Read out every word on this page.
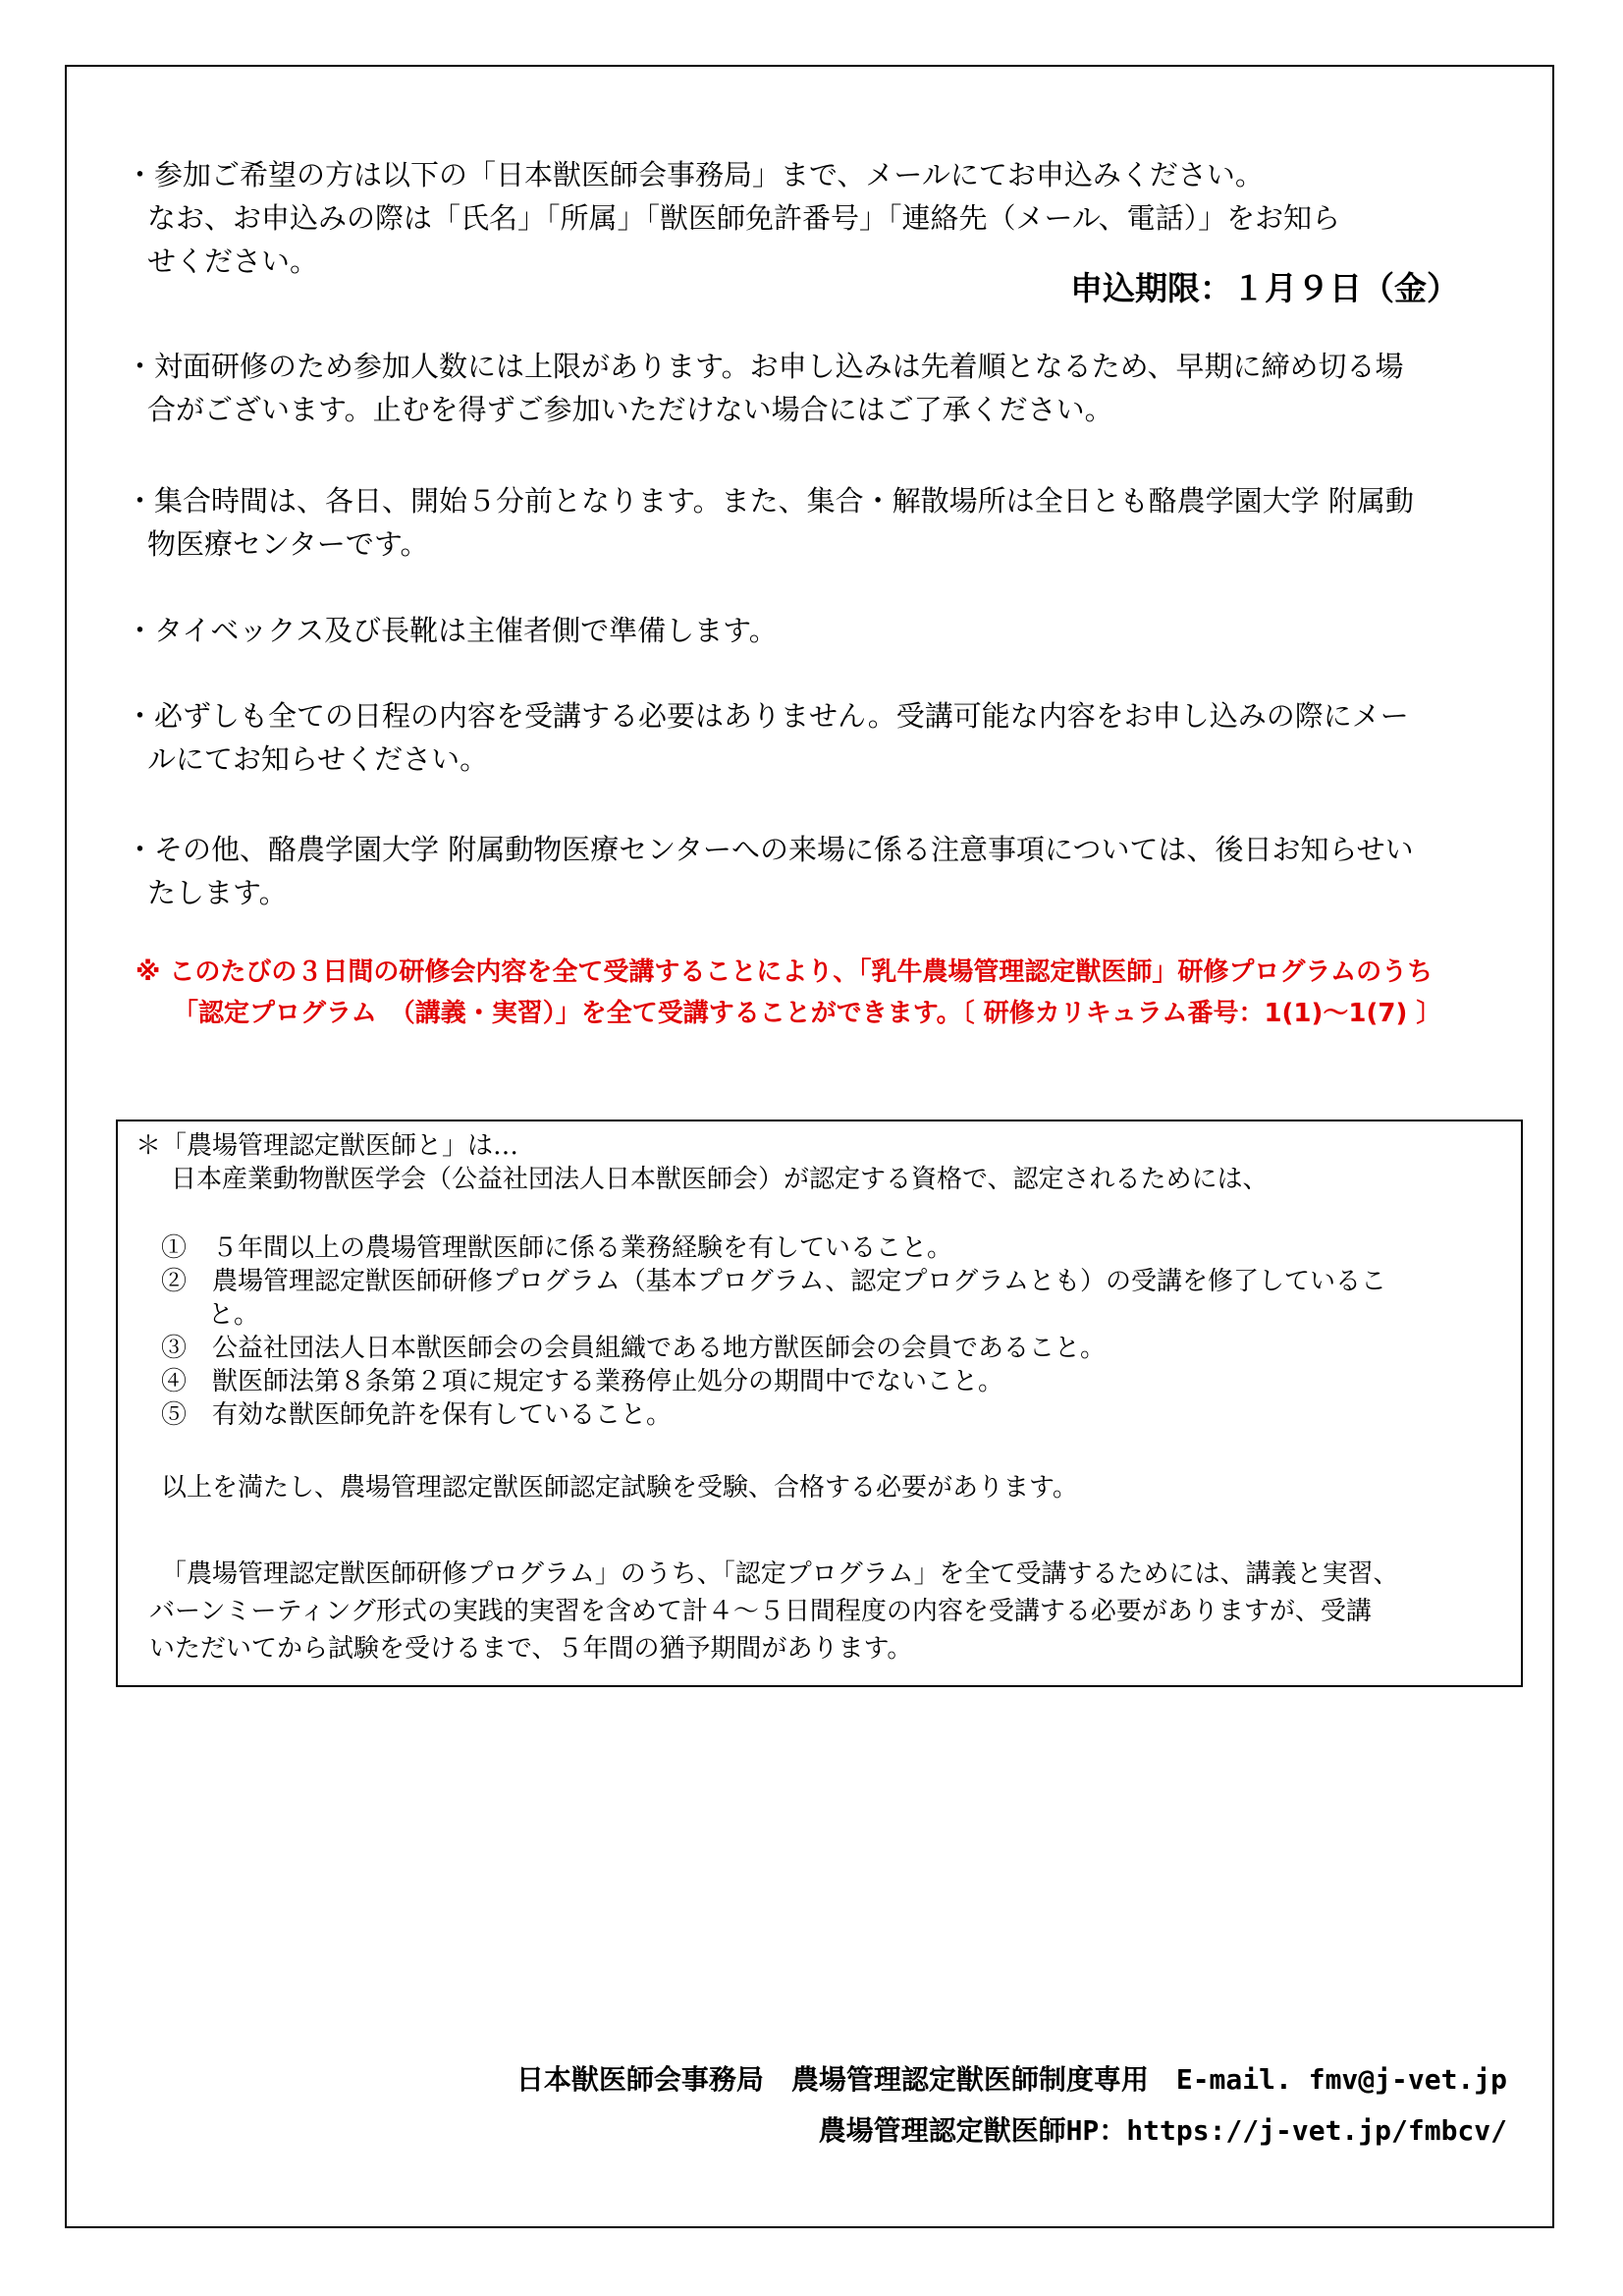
・参加ご希望の方は以下の「日本獣医師会事務局」まで、メールにてお申込みください。
なお、お申込みの際は「氏名」「所属」「獣医師免許番号」「連絡先（メール、電話）」をお知ら
せください。
申込期限：１月９日（金）
・対面研修のため参加人数には上限があります。お申し込みは先着順となるため、早期に締め切る場
合がございます。止むを得ずご参加いただけない場合にはご了承ください。
・集合時間は、各日、開始５分前となります。また、集合・解散場所は全日とも酪農学園大学 附属動
物医療センターです。
・タイベックス及び長靴は主催者側で準備します。
・必ずしも全ての日程の内容を受講する必要はありません。受講可能な内容をお申し込みの際にメー
ルにてお知らせください。
・その他、酪農学園大学 附属動物医療センターへの来場に係る注意事項については、後日お知らせい
たします。
※ このたびの３日間の研修会内容を全て受講することにより、「乳牛農場管理認定獣医師」研修プログラムのうち
「認定プログラム　（講義・実習）」を全て受講することができます。〔 研修カリキュラム番号：1(1)～1(7) 〕
＊「農場管理認定獣医師と」は…
日本産業動物獣医学会（公益社団法人日本獣医師会）が認定する資格で、認定されるためには、
①　５年間以上の農場管理獣医師に係る業務経験を有していること。
②　農場管理認定獣医師研修プログラム（基本プログラム、認定プログラムとも）の受講を修了しているこ
と。
③　公益社団法人日本獣医師会の会員組織である地方獣医師会の会員であること。
④　獣医師法第８条第２項に規定する業務停止処分の期間中でないこと。
⑤　有効な獣医師免許を保有していること。
以上を満たし、農場管理認定獣医師認定試験を受験、合格する必要があります。
「農場管理認定獣医師研修プログラム」のうち、「認定プログラム」を全て受講するためには、講義と実習、
バーンミーティング形式の実践的実習を含めて計４～５日間程度の内容を受講する必要がありますが、受講
いただいてから試験を受けるまで、５年間の猶予期間があります。
日本獣医師会事務局　農場管理認定獣医師制度専用　E-mail. fmv@j-vet.jp
農場管理認定獣医師HP：https://j-vet.jp/fmbcv/
